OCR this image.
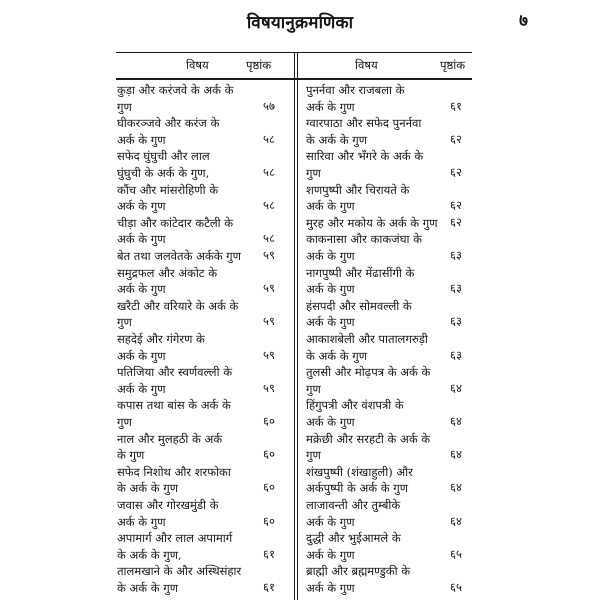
विषयानुक्रमणिका	७
विषय	पृष्ठांक	विषय	पृष्ठांक
कुड़ा और करंजवे के अर्क के
गुण	५७
घीकरञ्जवे और करंज के
अर्क के गुण	५८
सफेद घुंघुची और लाल
घुंघुची के अर्क के गुण,	५८
कौंच और मांसरोहिणी के
अर्क के गुण	५८
चीड़ा और कांटेदार कटैली के
अर्क के गुण	५८
बेत तथा जलवेतके अर्कके गुण ५९
समुद्रफल और अंकोट के
अर्क के गुण	५९
खरैटी और वरियारे के अर्क के
गुण	५९
सहदेई और गंगेरण के
अर्क के गुण	५९
पतिजिया और स्वर्णवल्ली के
अर्क के गुण	५९
कपास तथा बांस के अर्क के
गुण	६०
नाल और मुलहठी के अर्क
के गुण	६०
सफेद निशोथ और शरफोका
के अर्क के गुण	६०
जवास और गोरखमुंडी के
अर्क के गुण	६०
अपामार्ग और लाल अपामार्ग
के अर्क के गुण,	६१
तालमखाने के और अस्थिसंहार
के अर्क के गुण	६१
पुनर्नवा और राजबला के
अर्क के गुण	६१
ग्वारपाठा और सफेद पुनर्नवा
के अर्क के गुण	६२
सारिवा और भँगरे के अर्क के
गुण	६२
शणपुष्पी और चिरायते के
अर्क के गुण	६२
मुरह और मकोय के अर्क के गुण ६२
काकनासा और काकजंघा के
अर्क के गुण	६३
नागपुष्पी और मेंढासींगी के
अर्क के गुण	६३
हंसपदी और सोमवल्ली के
अर्क के गुण	६३
आकाशबेली और पातालगरुड़ी
के अर्क के गुण	६३
तुलसी और मोढ़पत्र के अर्क के
गुण	६४
हिंगुपत्री और वंशपत्री के
अर्क के गुण	६४
मक्रेछी और सरहटी के अर्क के
गुण	६४
शंखपुष्पी (शंखाहुली) और
अर्कपुष्पी के अर्क के गुण	६४
लाजावन्ती और तुम्बीके
अर्क के गुण	६४
दुद्धी और भुईआमले के
अर्क के गुण	६५
ब्राह्मी और ब्रह्ममण्डुकी के
अर्क के गुण	६५
